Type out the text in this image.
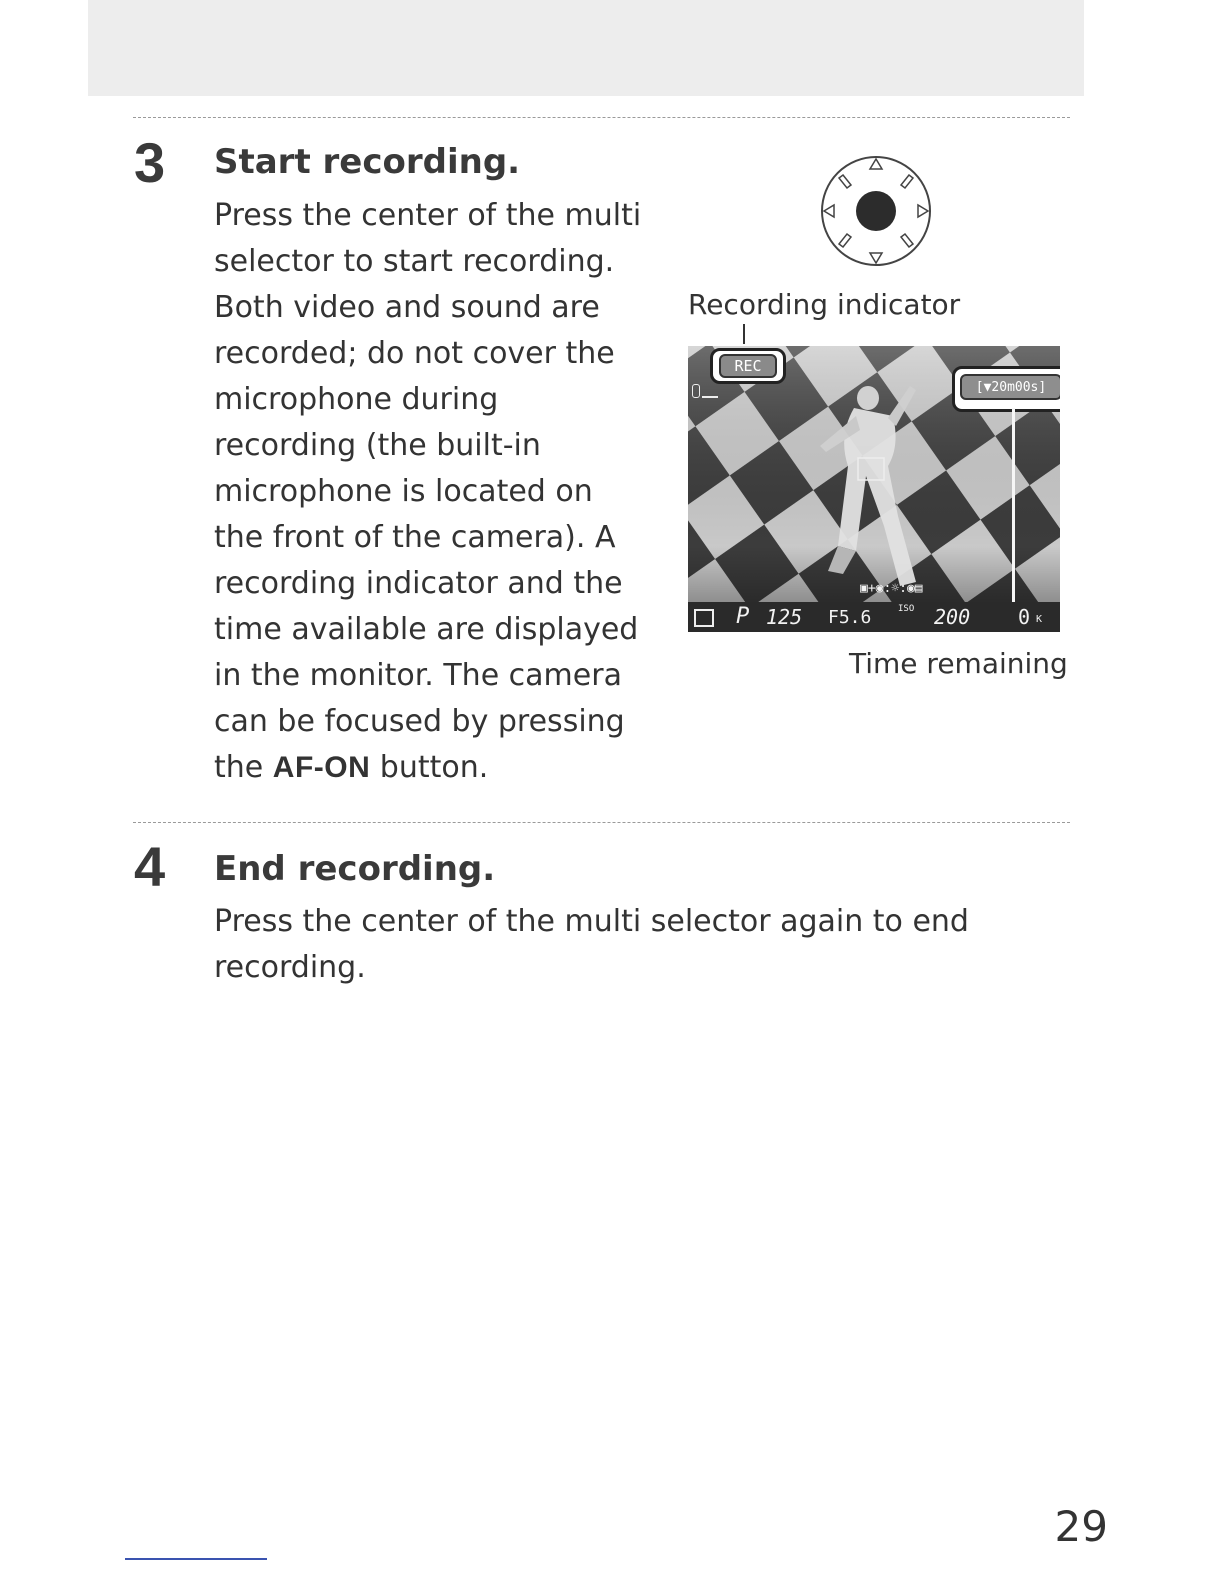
3 Start recording.
Press the center of the multi
selector to start recording.
Both video and sound are
recorded; do not cover the
microphone during
recording (the built-in
microphone is located on
the front of the camera). A
recording indicator and the
time available are displayed
in the monitor. The camera
can be focused by pressing
the AF-ON button.
Recording indicator
REC
[▼20m00s]
▣+◉:☼:◉▤
P 125 F5.6	ISO 200 0 K
Time remaining
4 End recording.
Press the center of the multi selector again to end
recording.
29
